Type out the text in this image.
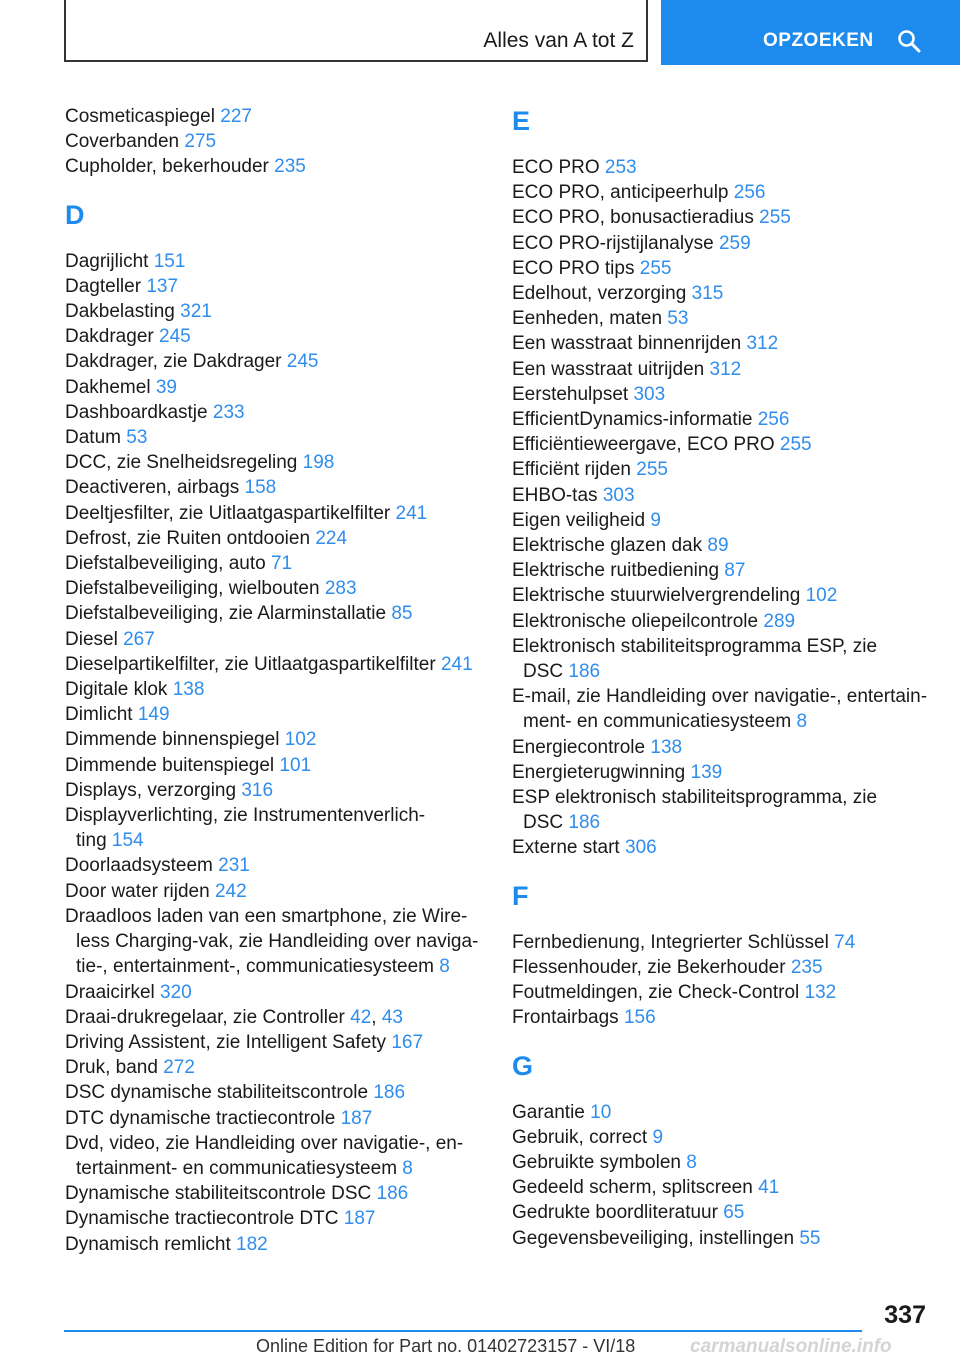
Alles van A tot Z	OPZOEKEN
Cosmeticaspiegel 227
Coverbanden 275
Cupholder, bekerhouder 235
D
Dagrijlicht 151
Dagteller 137
Dakbelasting 321
Dakdrager 245
Dakdrager, zie Dakdrager 245
Dakhemel 39
Dashboardkastje 233
Datum 53
DCC, zie Snelheidsregeling 198
Deactiveren, airbags 158
Deeltjesfilter, zie Uitlaatgaspartikelfilter 241
Defrost, zie Ruiten ontdooien 224
Diefstalbeveiliging, auto 71
Diefstalbeveiliging, wielbouten 283
Diefstalbeveiliging, zie Alarminstallatie 85
Diesel 267
Dieselpartikelfilter, zie Uitlaatgaspartikelfilter 241
Digitale klok 138
Dimlicht 149
Dimmende binnenspiegel 102
Dimmende buitenspiegel 101
Displays, verzorging 316
Displayverlichting, zie Instrumentenverlich-
ting 154
Doorlaadsysteem 231
Door water rijden 242
Draadloos laden van een smartphone, zie Wire-
less Charging-vak, zie Handleiding over naviga-
tie-, entertainment-, communicatiesysteem 8
Draaicirkel 320
Draai-drukregelaar, zie Controller 42, 43
Driving Assistent, zie Intelligent Safety 167
Druk, band 272
DSC dynamische stabiliteitscontrole 186
DTC dynamische tractiecontrole 187
Dvd, video, zie Handleiding over navigatie-, en-
tertainment- en communicatiesysteem 8
Dynamische stabiliteitscontrole DSC 186
Dynamische tractiecontrole DTC 187
Dynamisch remlicht 182
E
ECO PRO 253
ECO PRO, anticipeerhulp 256
ECO PRO, bonusactieradius 255
ECO PRO-rijstijlanalyse 259
ECO PRO tips 255
Edelhout, verzorging 315
Eenheden, maten 53
Een wasstraat binnenrijden 312
Een wasstraat uitrijden 312
Eerstehulpset 303
EfficientDynamics-informatie 256
Efficiëntieweergave, ECO PRO 255
Efficiënt rijden 255
EHBO-tas 303
Eigen veiligheid 9
Elektrische glazen dak 89
Elektrische ruitbediening 87
Elektrische stuurwielvergrendeling 102
Elektronische oliepeilcontrole 289
Elektronisch stabiliteitsprogramma ESP, zie
DSC 186
E-mail, zie Handleiding over navigatie-, entertain-
ment- en communicatiesysteem 8
Energiecontrole 138
Energieterugwinning 139
ESP elektronisch stabiliteitsprogramma, zie
DSC 186
Externe start 306
F
Fernbedienung, Integrierter Schlüssel 74
Flessenhouder, zie Bekerhouder 235
Foutmeldingen, zie Check-Control 132
Frontairbags 156
G
Garantie 10
Gebruik, correct 9
Gebruikte symbolen 8
Gedeeld scherm, splitscreen 41
Gedrukte boordliteratuur 65
Gegevensbeveiliging, instellingen 55
337
Online Edition for Part no. 01402723157 - VI/18	carmanualsonline.info
